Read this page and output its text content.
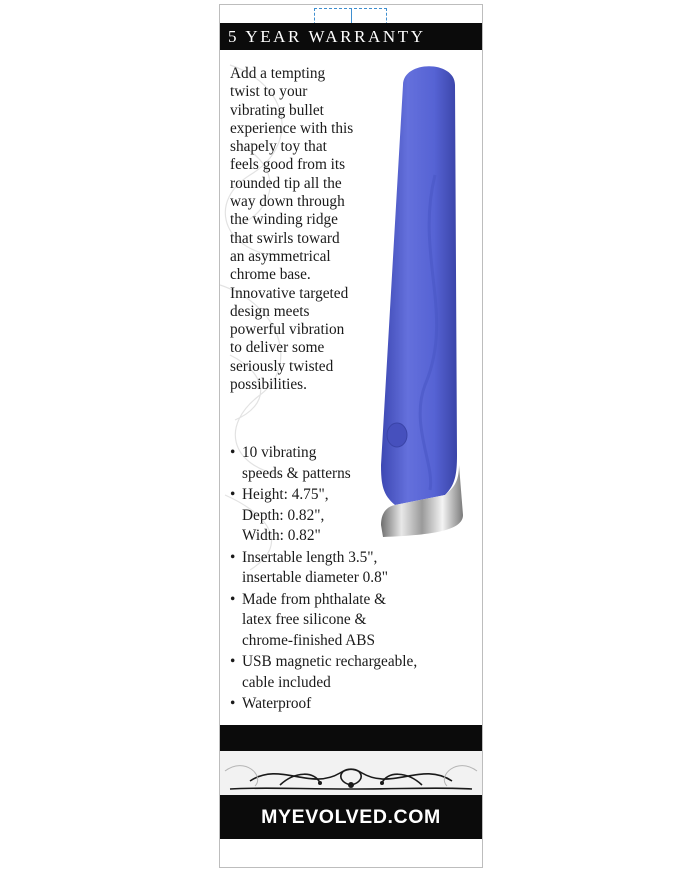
5 YEAR WARRANTY

Add a tempting
twist to your
vibrating bullet
experience with this
shapely toy that
feels good from its
rounded tip all the
way down through
the winding ridge
that swirls toward
an asymmetrical
chrome base.
Innovative targeted
design meets
powerful vibration
to deliver some
seriously twisted
possibilities.

• 10 vibrating
speeds & patterns
• Height: 4.75",
Depth: 0.82",
Width: 0.82"
• Insertable length 3.5",
insertable diameter 0.8"
• Made from phthalate &
latex free silicone &
chrome-finished ABS
• USB magnetic rechargeable,
cable included
• Waterproof
MYEVOLVED.COM
